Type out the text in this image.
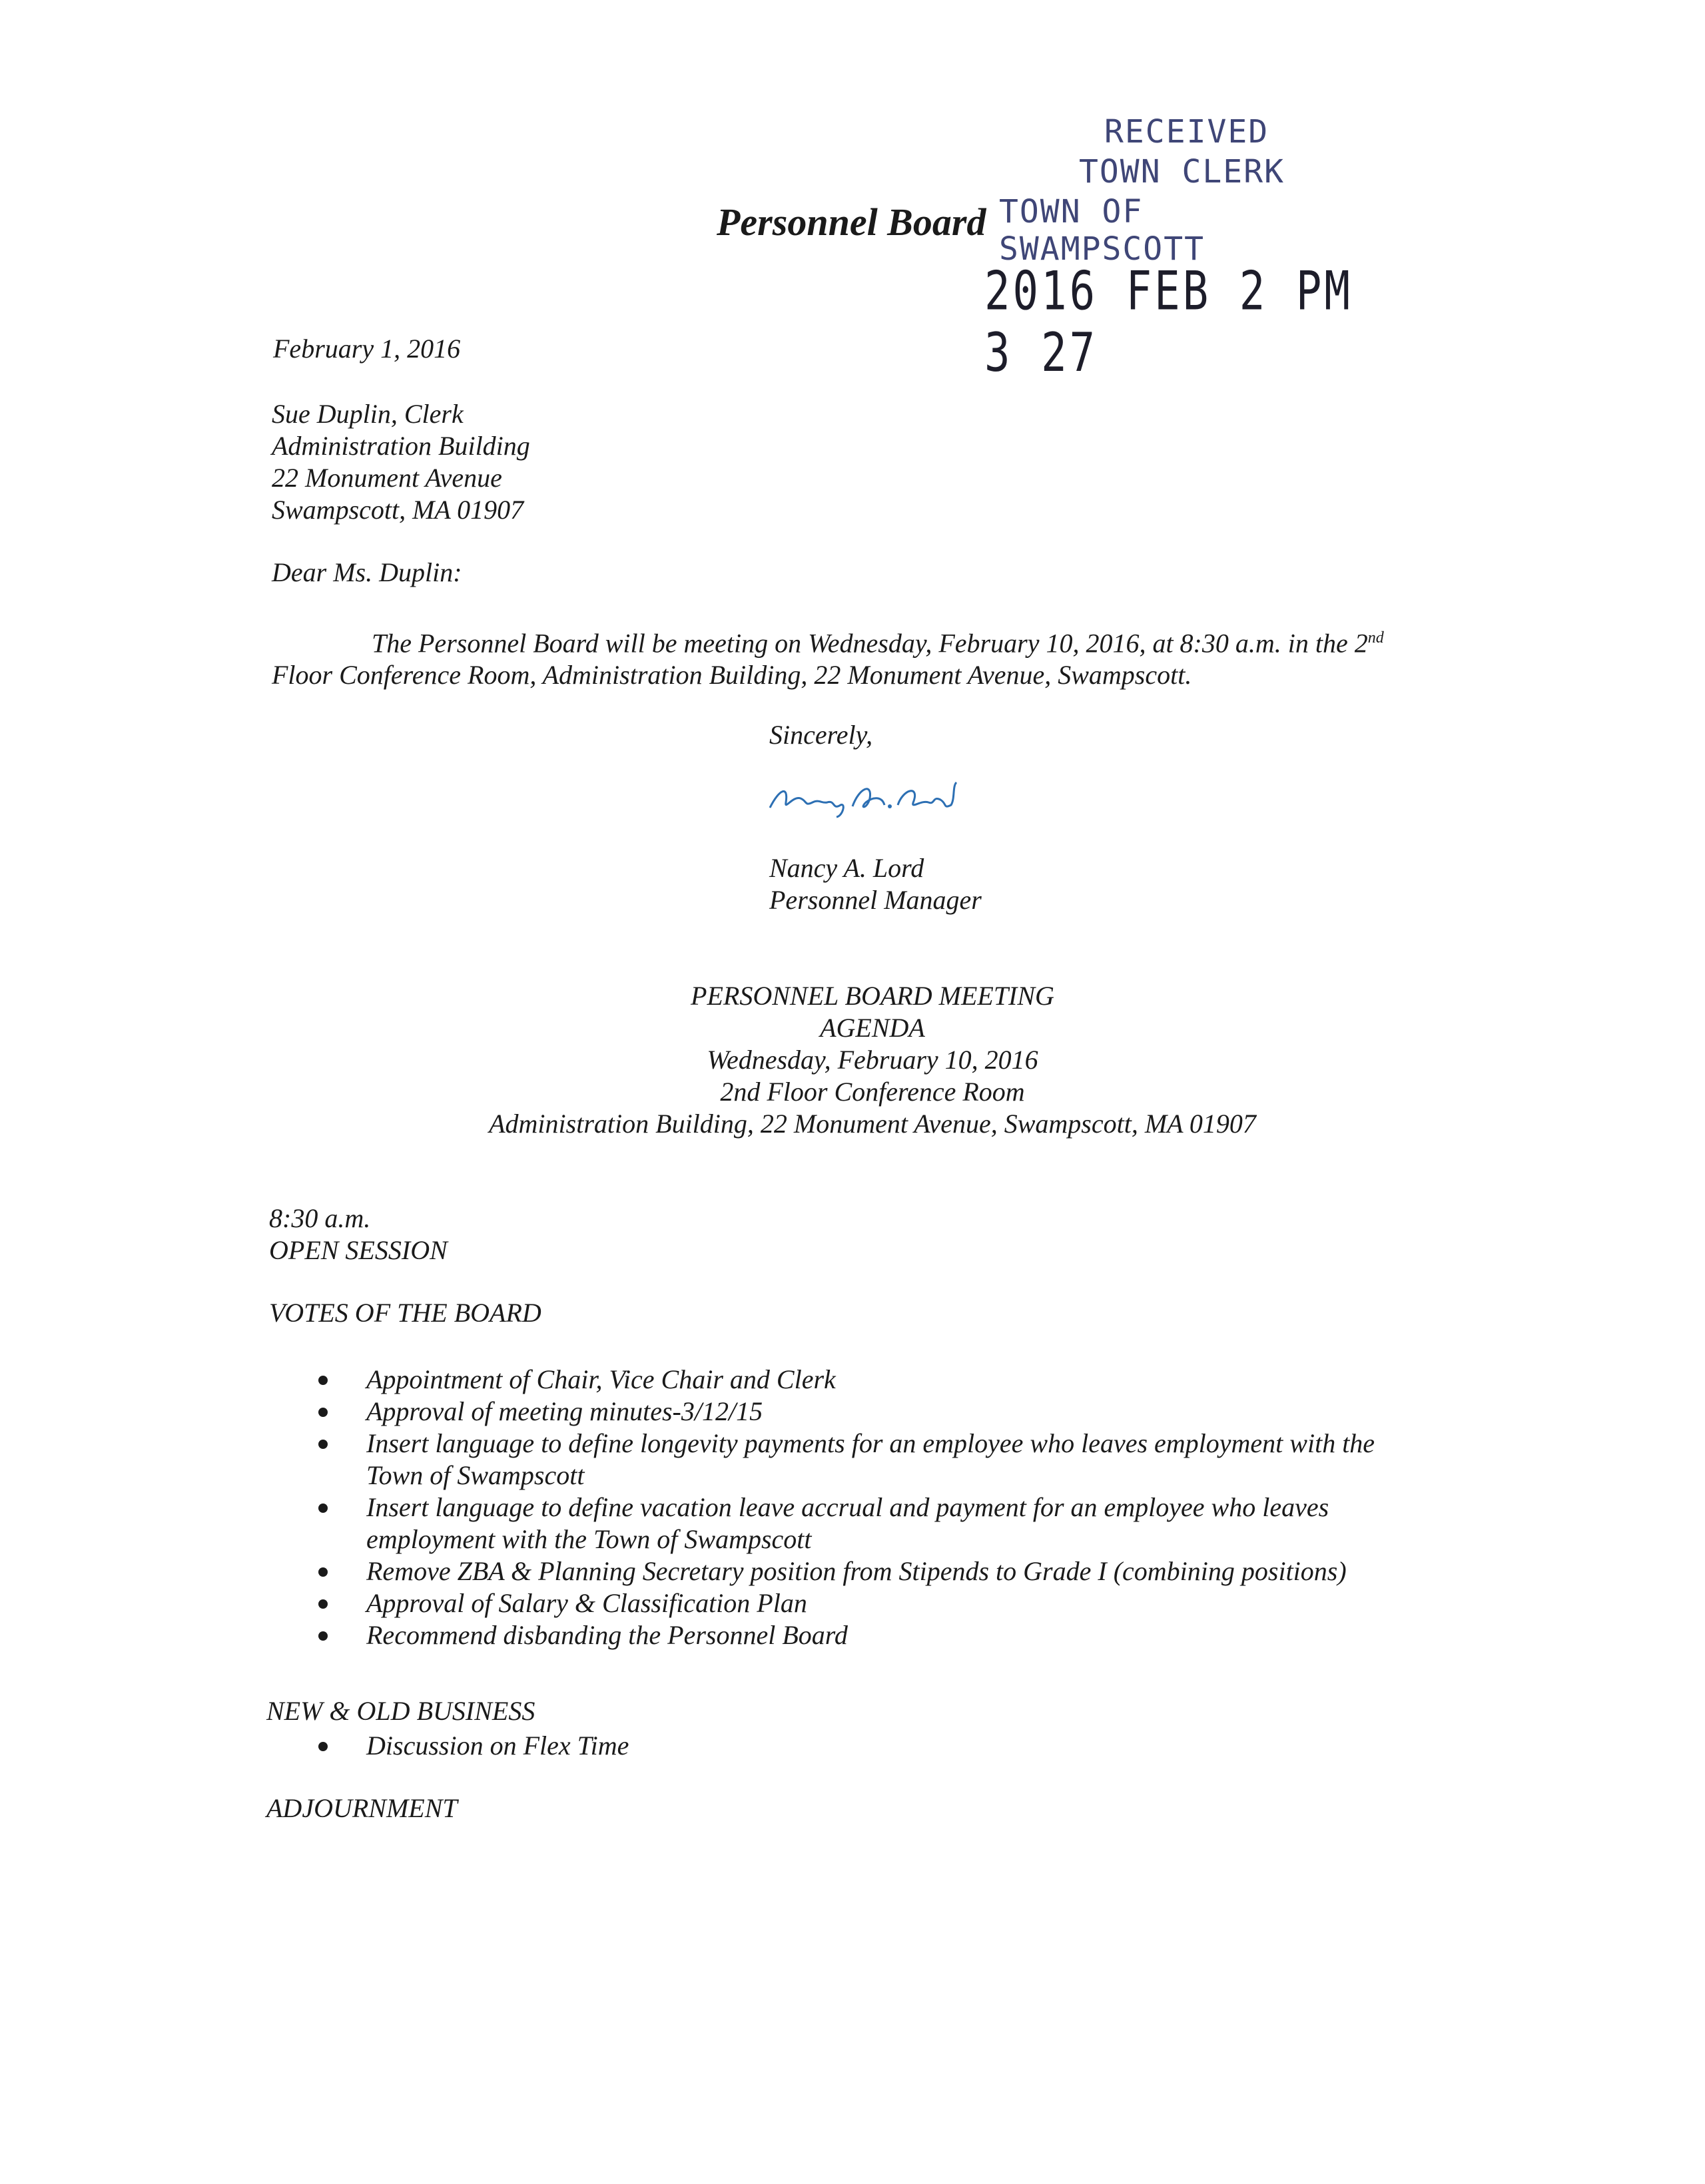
Personnel Board

RECEIVED
TOWN CLERK
TOWN OF SWAMPSCOTT
2016 FEB 2 PM 3 27

February 1, 2016

Sue Duplin, Clerk
Administration Building
22 Monument Avenue
Swampscott, MA 01907

Dear Ms. Duplin:

The Personnel Board will be meeting on Wednesday, February 10, 2016, at 8:30 a.m. in the 2nd
Floor Conference Room, Administration Building, 22 Monument Avenue, Swampscott.

Sincerely,

Nancy A. Lord
Personnel Manager
PERSONNEL BOARD MEETING
AGENDA
Wednesday, February 10, 2016
2nd Floor Conference Room
Administration Building, 22 Monument Avenue, Swampscott, MA 01907
8:30 a.m.
OPEN SESSION

VOTES OF THE BOARD

Appointment of Chair, Vice Chair and Clerk
Approval of meeting minutes-3/12/15
Insert language to define longevity payments for an employee who leaves employment with the
Town of Swampscott
Insert language to define vacation leave accrual and payment for an employee who leaves
employment with the Town of Swampscott
Remove ZBA & Planning Secretary position from Stipends to Grade I (combining positions)
Approval of Salary & Classification Plan
Recommend disbanding the Personnel Board

NEW & OLD BUSINESS

Discussion on Flex Time

ADJOURNMENT
